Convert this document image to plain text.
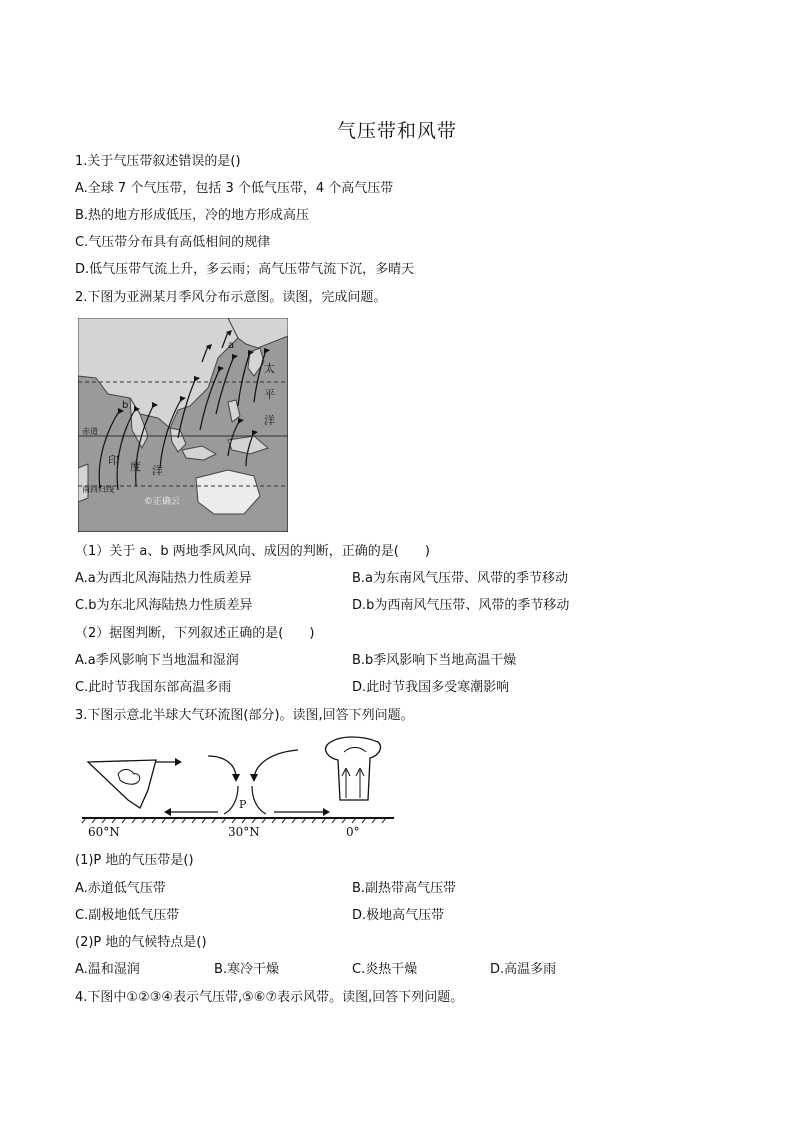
气压带和风带
1.关于气压带叙述错误的是()
A.全球 7 个气压带，包括 3 个低气压带，4 个高气压带
B.热的地方形成低压，冷的地方形成高压
C.气压带分布具有高低相间的规律
D.低气压带气流上升，多云雨；高气压带气流下沉，多晴天
2.下图为亚洲某月季风分布示意图。读图，完成问题。
太
平
洋
印 度 洋
赤道
南回归线
a
b
©正确云
（1）关于 a、b 两地季风风向、成因的判断，正确的是(　　)
A.a为西北风海陆热力性质差异	B.a为东南风气压带、风带的季节移动
C.b为东北风海陆热力性质差异	D.b为西南风气压带、风带的季节移动
（2）据图判断，下列叙述正确的是(　　)
A.a季风影响下当地温和湿润	B.b季风影响下当地高温干燥
C.此时节我国东部高温多雨	D.此时节我国多受寒潮影响
3.下图示意北半球大气环流图(部分)。读图,回答下列问题。
P
60°N	30°N	0°
(1)P 地的气压带是()
A.赤道低气压带	B.副热带高气压带
C.副极地低气压带	D.极地高气压带
(2)P 地的气候特点是()
A.温和湿润	B.寒冷干燥	C.炎热干燥	D.高温多雨
4.下图中①②③④表示气压带,⑤⑥⑦表示风带。读图,回答下列问题。
